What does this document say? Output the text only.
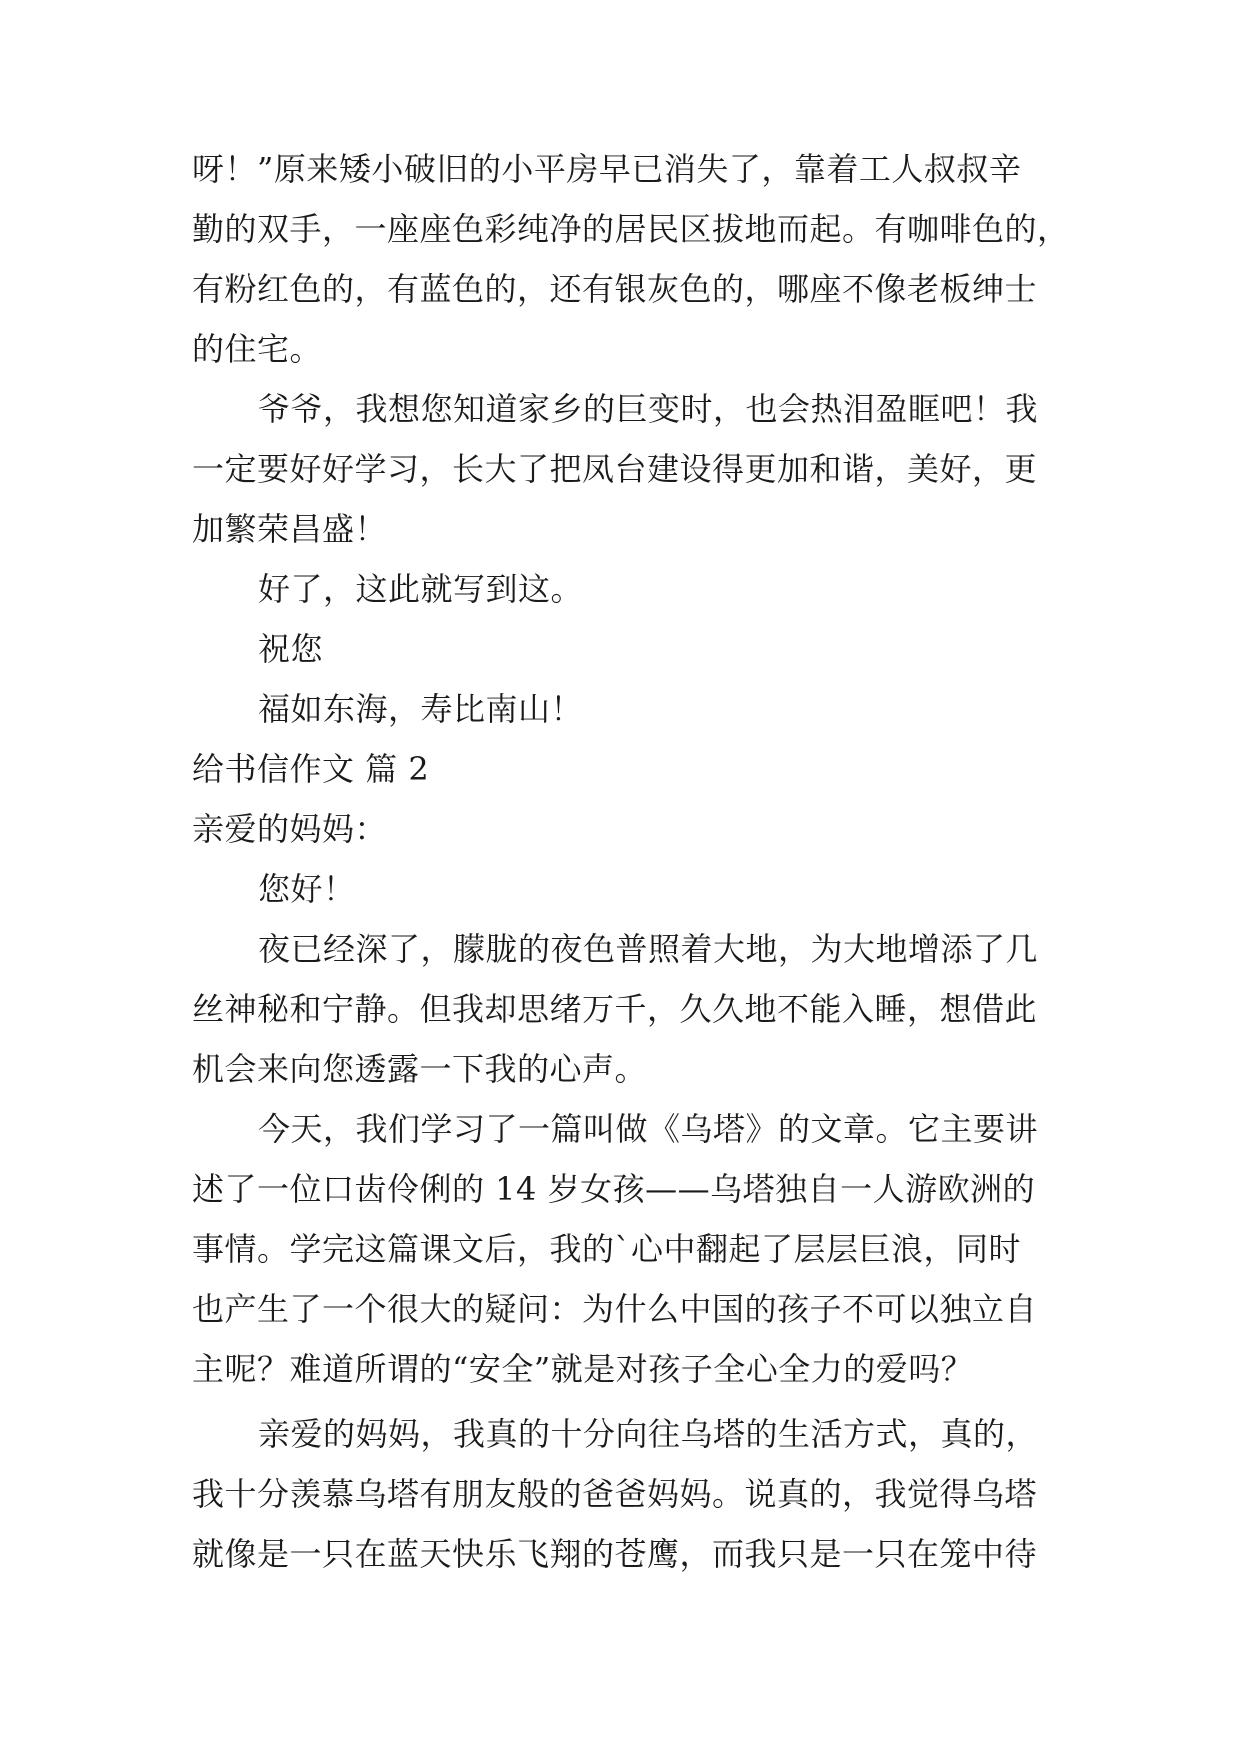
呀！”原来矮小破旧的小平房早已消失了，靠着工人叔叔辛
勤的双手，一座座色彩纯净的居民区拔地而起。有咖啡色的，
有粉红色的，有蓝色的，还有银灰色的，哪座不像老板绅士
的住宅。
爷爷，我想您知道家乡的巨变时，也会热泪盈眶吧！我
一定要好好学习，长大了把凤台建设得更加和谐，美好，更
加繁荣昌盛！
好了，这此就写到这。
祝您
福如东海，寿比南山！
给书信作文 篇 2
亲爱的妈妈：
您好！
夜已经深了，朦胧的夜色普照着大地，为大地增添了几
丝神秘和宁静。但我却思绪万千，久久地不能入睡，想借此
机会来向您透露一下我的心声。
今天，我们学习了一篇叫做《乌塔》的文章。它主要讲
述了一位口齿伶俐的 14 岁女孩——乌塔独自一人游欧洲的
事情。学完这篇课文后，我的`心中翻起了层层巨浪，同时
也产生了一个很大的疑问：为什么中国的孩子不可以独立自
主呢？难道所谓的“安全”就是对孩子全心全力的爱吗？
亲爱的妈妈，我真的十分向往乌塔的生活方式，真的，
我十分羡慕乌塔有朋友般的爸爸妈妈。说真的，我觉得乌塔
就像是一只在蓝天快乐飞翔的苍鹰，而我只是一只在笼中待
